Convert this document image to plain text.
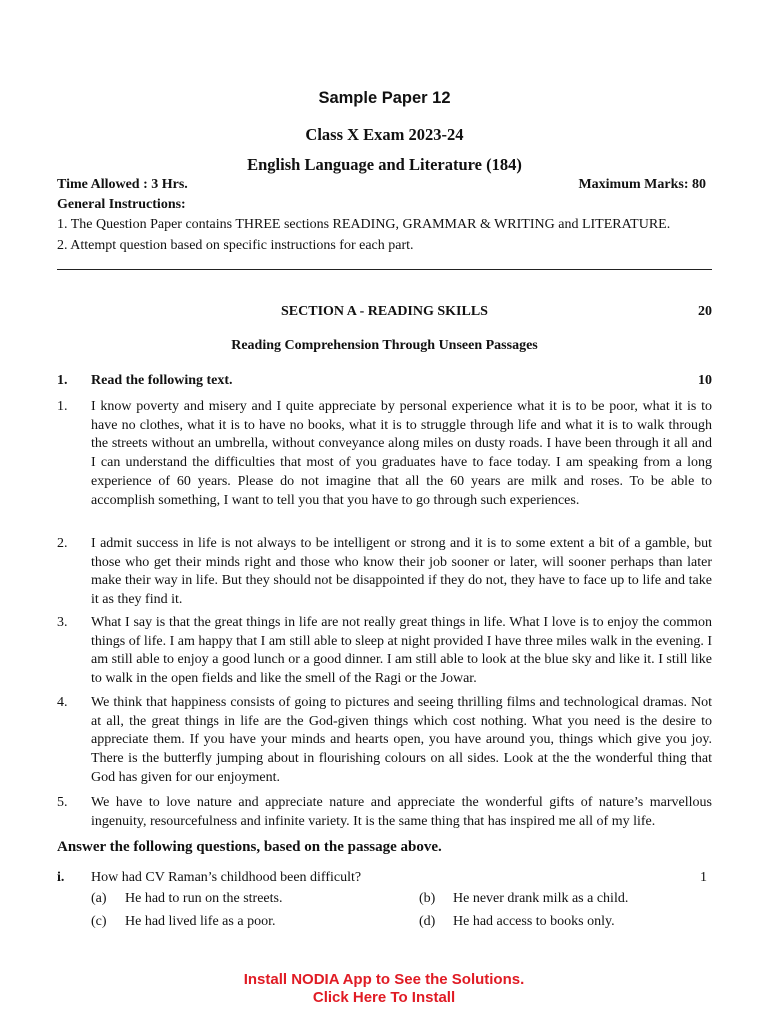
Sample Paper 12
Class X Exam 2023-24
English Language and Literature (184)
Time Allowed : 3 Hrs.	Maximum Marks: 80
General Instructions:
1. The Question Paper contains THREE sections READING, GRAMMAR & WRITING and LITERATURE.
2. Attempt question based on specific instructions for each part.
SECTION A - READING SKILLS	20
Reading Comprehension Through Unseen Passages
1. Read the following text.	10
1.	I know poverty and misery and I quite appreciate by personal experience what it is to be poor, what it is to have no clothes, what it is to have no books, what it is to struggle through life and what it is to walk through the streets without an umbrella, without conveyance along miles on dusty roads. I have been through it all and I can understand the difficulties that most of you graduates have to face today. I am speaking from a long experience of 60 years. Please do not imagine that all the 60 years are milk and roses. To be able to accomplish something, I want to tell you that you have to go through such experiences.
2.	I admit success in life is not always to be intelligent or strong and it is to some extent a bit of a gamble, but those who get their minds right and those who know their job sooner or later, will sooner perhaps than later make their way in life. But they should not be disappointed if they do not, they have to face up to life and take it as they find it.
3.	What I say is that the great things in life are not really great things in life. What I love is to enjoy the common things of life. I am happy that I am still able to sleep at night provided I have three miles walk in the evening. I am still able to enjoy a good lunch or a good dinner. I am still able to look at the blue sky and like it. I still like to walk in the open fields and like the smell of the Ragi or the Jowar.
4.	We think that happiness consists of going to pictures and seeing thrilling films and technological dramas. Not at all, the great things in life are the God-given things which cost nothing. What you need is the desire to appreciate them. If you have your minds and hearts open, you have around you, things which give you joy. There is the butterfly jumping about in flourishing colours on all sides. Look at the the wonderful thing that God has given for our enjoyment.
5.	We have to love nature and appreciate nature and appreciate the wonderful gifts of nature’s marvellous ingenuity, resourcefulness and infinite variety. It is the same thing that has inspired me all of my life.
Answer the following questions, based on the passage above.
i. How had CV Raman’s childhood been difficult?	1
(a) He had to run on the streets.	(b) He never drank milk as a child.
(c) He had lived life as a poor.	(d) He had access to books only.
Install NODIA App to See the Solutions.
Click Here To Install
